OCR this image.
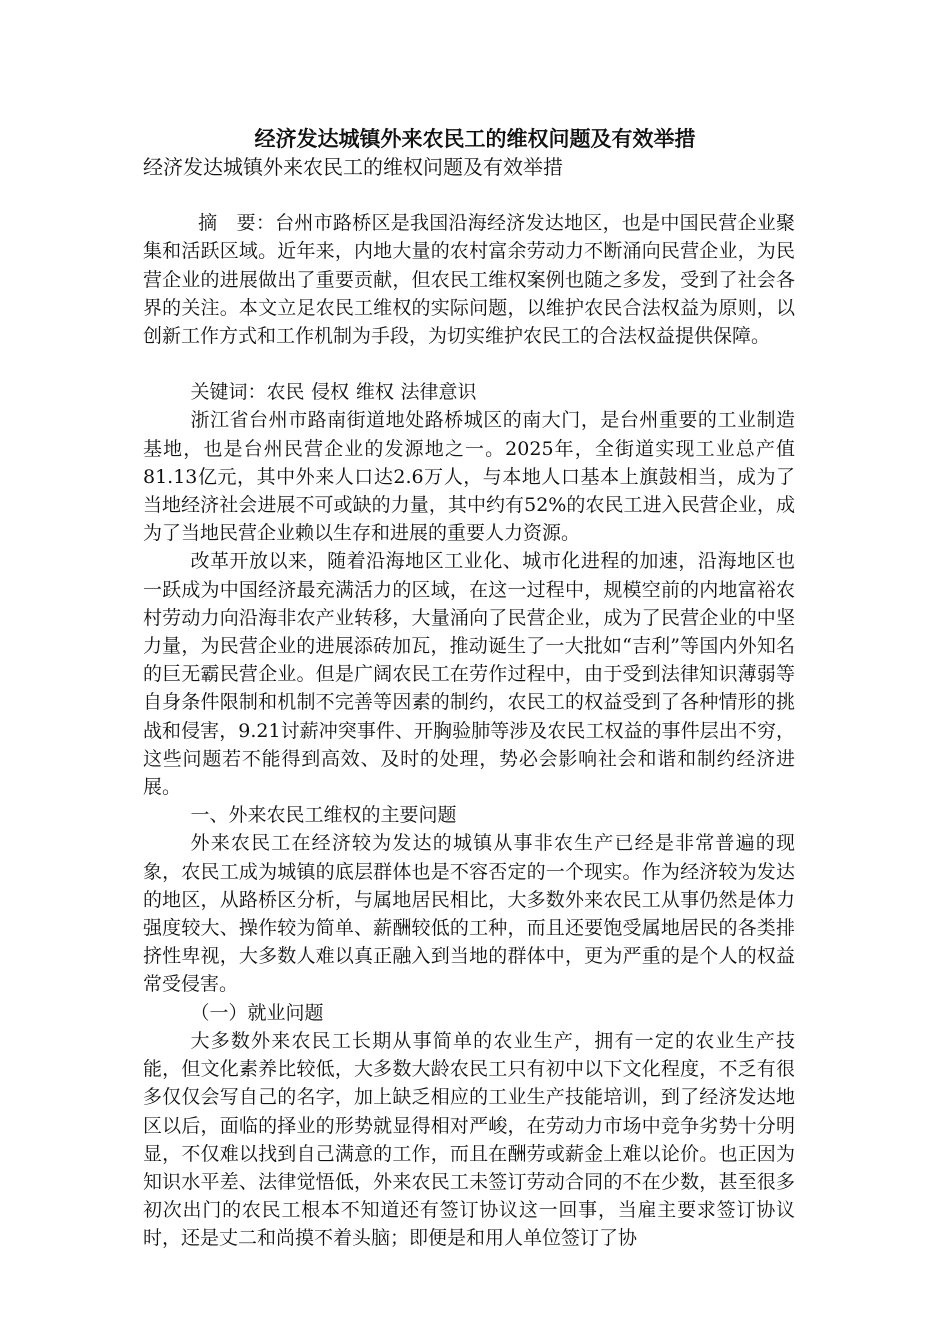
经济发达城镇外来农民工的维权问题及有效举措

经济发达城镇外来农民工的维权问题及有效举措

摘　要：台州市路桥区是我国沿海经济发达地区，也是中国民营企业聚集和活跃区域。近年来，内地大量的农村富余劳动力不断涌向民营企业，为民营企业的进展做出了重要贡献，但农民工维权案例也随之多发，受到了社会各界的关注。本文立足农民工维权的实际问题，以维护农民合法权益为原则，以创新工作方式和工作机制为手段，为切实维护农民工的合法权益提供保障。

关键词：农民 侵权 维权 法律意识

浙江省台州市路南街道地处路桥城区的南大门，是台州重要的工业制造基地，也是台州民营企业的发源地之一。2025年，全街道实现工业总产值81.13亿元，其中外来人口达2.6万人，与本地人口基本上旗鼓相当，成为了当地经济社会进展不可或缺的力量，其中约有52%的农民工进入民营企业，成为了当地民营企业赖以生存和进展的重要人力资源。

改革开放以来，随着沿海地区工业化、城市化进程的加速，沿海地区也一跃成为中国经济最充满活力的区域，在这一过程中，规模空前的内地富裕农村劳动力向沿海非农产业转移，大量涌向了民营企业，成为了民营企业的中坚力量，为民营企业的进展添砖加瓦，推动诞生了一大批如“吉利”等国内外知名的巨无霸民营企业。但是广阔农民工在劳作过程中，由于受到法律知识薄弱等自身条件限制和机制不完善等因素的制约，农民工的权益受到了各种情形的挑战和侵害，9.21讨薪冲突事件、开胸验肺等涉及农民工权益的事件层出不穷，这些问题若不能得到高效、及时的处理，势必会影响社会和谐和制约经济进展。

一、外来农民工维权的主要问题

外来农民工在经济较为发达的城镇从事非农生产已经是非常普遍的现象，农民工成为城镇的底层群体也是不容否定的一个现实。作为经济较为发达的地区，从路桥区分析，与属地居民相比，大多数外来农民工从事仍然是体力强度较大、操作较为简单、薪酬较低的工种，而且还要饱受属地居民的各类排挤性卑视，大多数人难以真正融入到当地的群体中，更为严重的是个人的权益常受侵害。

（一）就业问题

大多数外来农民工长期从事简单的农业生产，拥有一定的农业生产技能，但文化素养比较低，大多数大龄农民工只有初中以下文化程度，不乏有很多仅仅会写自己的名字，加上缺乏相应的工业生产技能培训，到了经济发达地区以后，面临的择业的形势就显得相对严峻，在劳动力市场中竞争劣势十分明显，不仅难以找到自己满意的工作，而且在酬劳或薪金上难以论价。也正因为知识水平差、法律觉悟低，外来农民工未签订劳动合同的不在少数，甚至很多初次出门的农民工根本不知道还有签订协议这一回事，当雇主要求签订协议时，还是丈二和尚摸不着头脑；即便是和用人单位签订了协
